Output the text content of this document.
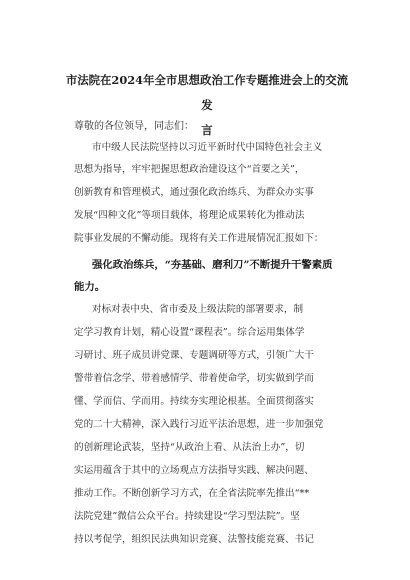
市法院在2024年全市思想政治工作专题推进会上的交流发
言

尊敬的各位领导，同志们：

市中级人民法院坚持以习近平新时代中国特色社会主义

思想为指导，牢牢把握思想政治建设这个“首要之关”，

创新教育和管理模式，通过强化政治练兵、为群众办实事

发展“四种文化”等项目载体，将理论成果转化为推动法

院事业发展的不懈动能。现将有关工作进展情况汇报如下：

强化政治练兵，“夯基础、磨利刀”不断提升干警素质

能力。

对标对表中央、省市委及上级法院的部署要求，制

定学习教育计划，精心设置“课程表”。综合运用集体学

习研讨、班子成员讲党课、专题调研等方式，引领广大干

警带着信念学、带着感情学、带着使命学，切实做到学而

懂、学而信、学而用。持续夯实理论根基。全面贯彻落实

党的二十大精神，深入践行习近平法治思想，进一步加强党

的创新理论武装，坚持“从政治上看、从法治上办”，切

实运用蕴含于其中的立场观点方法指导实践、解决问题、

推动工作。不断创新学习方式，在全省法院率先推出“**

法院党建”微信公众平台。持续建设“学习型法院”。坚

持以考促学，组织民法典知识竞赛、法警技能竞赛、书记
